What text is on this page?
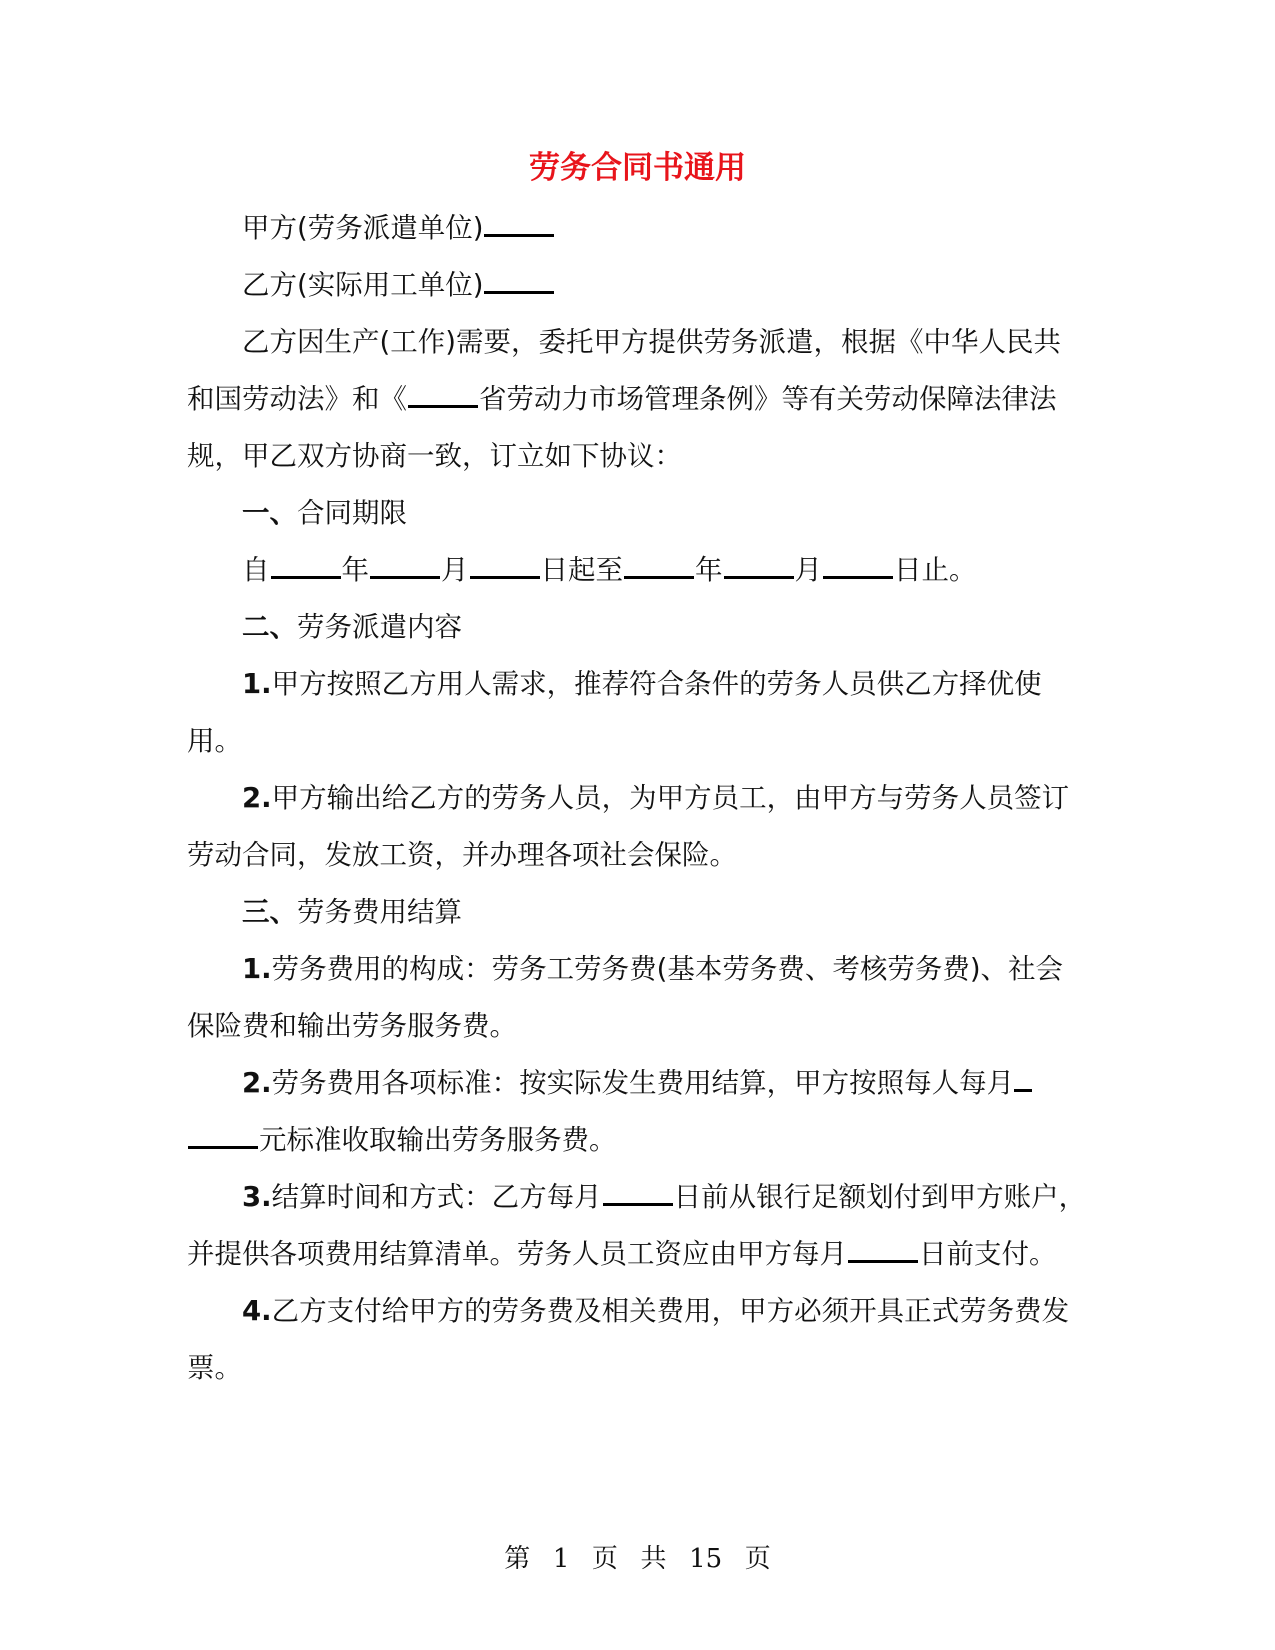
劳务合同书通用

甲方(劳务派遣单位)

乙方(实际用工单位)

乙方因生产(工作)需要，委托甲方提供劳务派遣，根据《中华人民共和国劳动法》和《	省劳动力市场管理条例》等有关劳动保障法律法规，甲乙双方协商一致，订立如下协议：

一、合同期限

自	年	月	日起至	年	月	日止。

二、劳务派遣内容

1.甲方按照乙方用人需求，推荐符合条件的劳务人员供乙方择优使用。

2.甲方输出给乙方的劳务人员，为甲方员工，由甲方与劳务人员签订劳动合同，发放工资，并办理各项社会保险。

三、劳务费用结算

1.劳务费用的构成：劳务工劳务费(基本劳务费、考核劳务费)、社会保险费和输出劳务服务费。

2.劳务费用各项标准：按实际发生费用结算，甲方按照每人每月元标准收取输出劳务服务费。

3.结算时间和方式：乙方每月	日前从银行足额划付到甲方账户，并提供各项费用结算清单。劳务人员工资应由甲方每月	日前支付。

4.乙方支付给甲方的劳务费及相关费用，甲方必须开具正式劳务费发票。

第 1 页 共 15 页
